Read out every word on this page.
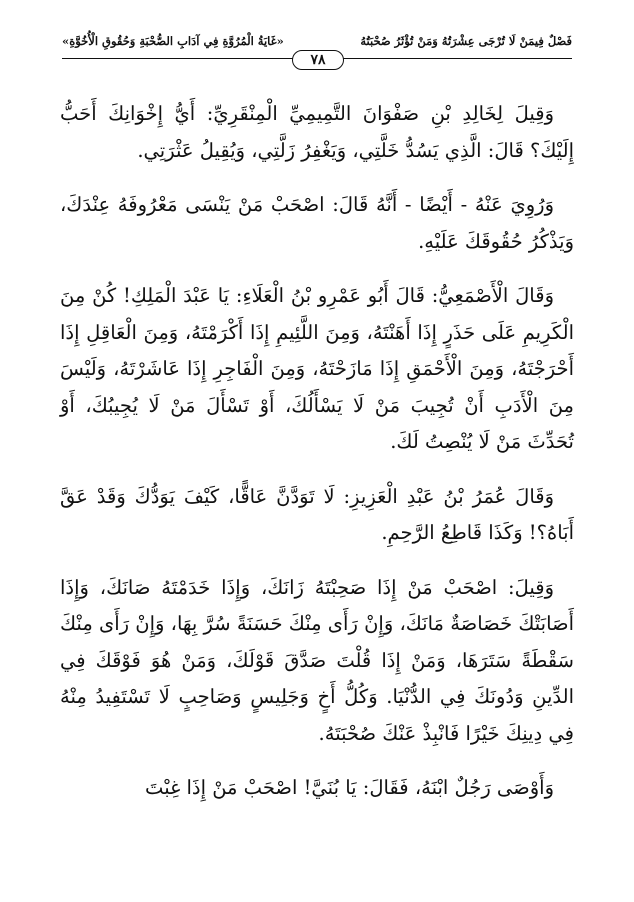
فَصْلٌ فِيمَنْ لَا تُرْجَى عِشْرَتُهُ وَمَنْ تُؤْثَرُ صُحْبَتُهُ
«غَايَةُ الْمُرُوَّةِ فِي آدَابِ الصُّحْبَةِ وَحُقُوقِ الْأُخُوَّةِ»
٧٨

وَقِيلَ لِخَالِدِ بْنِ صَفْوَانَ التَّمِيمِيِّ الْمِنْقَرِيِّ: أَيُّ إِخْوَانِكَ أَحَبُّ إِلَيْكَ؟ قَالَ: الَّذِي يَسُدُّ خَلَّتِي، وَيَغْفِرُ زَلَّتِي، وَيُقِيلُ عَثْرَتِي.

وَرُوِيَ عَنْهُ - أَيْضًا - أَنَّهُ قَالَ: اصْحَبْ مَنْ يَنْسَى مَعْرُوفَهُ عِنْدَكَ، وَيَذْكُرُ حُقُوقَكَ عَلَيْهِ.

وَقَالَ الْأَصْمَعِيُّ: قَالَ أَبُو عَمْرِو بْنُ الْعَلَاءِ: يَا عَبْدَ الْمَلِكِ! كُنْ مِنَ الْكَرِيمِ عَلَى حَذَرٍ إِذَا أَهَنْتَهُ، وَمِنَ اللَّئِيمِ إِذَا أَكْرَمْتَهُ، وَمِنَ الْعَاقِلِ إِذَا أَحْرَجْتَهُ، وَمِنَ الْأَحْمَقِ إِذَا مَازَحْتَهُ، وَمِنَ الْفَاجِرِ إِذَا عَاشَرْتَهُ، وَلَيْسَ مِنَ الْأَدَبِ أَنْ تُجِيبَ مَنْ لَا يَسْأَلُكَ، أَوْ تَسْأَلَ مَنْ لَا يُجِيبُكَ، أَوْ تُحَدِّثَ مَنْ لَا يُنْصِتُ لَكَ.

وَقَالَ عُمَرُ بْنُ عَبْدِ الْعَزِيزِ: لَا تَوَدَّنَّ عَاقًّا، كَيْفَ يَوَدُّكَ وَقَدْ عَقَّ أَبَاهُ؟! وَكَذَا قَاطِعُ الرَّحِمِ.

وَقِيلَ: اصْحَبْ مَنْ إِذَا صَحِبْتَهُ زَانَكَ، وَإِذَا خَدَمْتَهُ صَانَكَ، وَإِذَا أَصَابَتْكَ خَصَاصَةٌ مَانَكَ، وَإِنْ رَأَى مِنْكَ حَسَنَةً سُرَّ بِهَا، وَإِنْ رَأَى مِنْكَ سَقْطَةً سَتَرَهَا، وَمَنْ إِذَا قُلْتَ صَدَّقَ قَوْلَكَ، وَمَنْ هُوَ فَوْقَكَ فِي الدِّينِ وَدُونَكَ فِي الدُّنْيَا. وَكُلُّ أَخٍ وَجَلِيسٍ وَصَاحِبٍ لَا تَسْتَفِيدُ مِنْهُ فِي دِينِكَ خَيْرًا فَانْبِذْ عَنْكَ صُحْبَتَهُ.

وَأَوْصَى رَجُلٌ ابْنَهُ، فَقَالَ: يَا بُنَيَّ! اصْحَبْ مَنْ إِذَا غِبْتَ
